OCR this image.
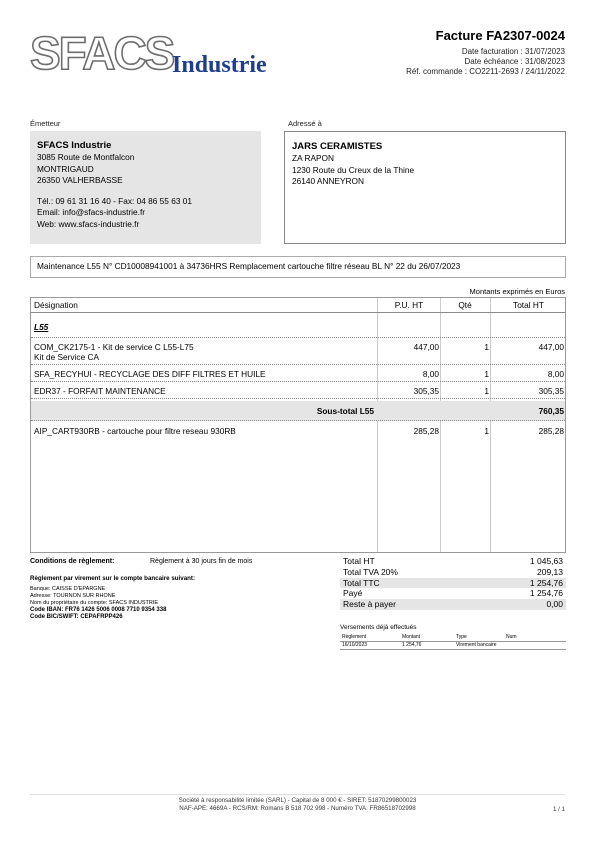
SFACS
Industrie
Facture FA2307-0024
Date facturation : 31/07/2023
Date échéance : 31/08/2023
Réf. commande : CO2211-2693 / 24/11/2022
Émetteur	Adressé à
SFACS Industrie
3085 Route de Montfalcon
MONTRIGAUD
26350 VALHERBASSE
Tél.: 09 61 31 16 40 - Fax: 04 86 55 63 01
Email: info@sfacs-industrie.fr
Web: www.sfacs-industrie.fr
JARS CERAMISTES
ZA RAPON
1230 Route du Creux de la Thine
26140 ANNEYRON
Maintenance L55 N° CD10008941001 à 34736HRS Remplacement cartouche filtre réseau BL N° 22 du 26/07/2023
Montants exprimés en Euros
Désignation	P.U. HT	Qté	Total HT
L55
COM_CK2175-1 - Kit de service C L55-L75
Kit de Service CA
447,00	1	447,00
SFA_RECYHUI - RECYCLAGE DES DIFF FILTRES ET HUILE	8,00	1	8,00
EDR37 - FORFAIT MAINTENANCE	305,35	1	305,35
Sous-total L55	760,35
AIP_CART930RB - cartouche pour filtre reseau 930RB	285,28	1	285,28
Conditions de règlement:	Règlement à 30 jours fin de mois
Règlement par virement sur le compte bancaire suivant:
Banque: CAISSE D'EPARGNE
Adresse: TOURNON SUR RHONE
Nom du propriétaire du compte: SFACS INDUSTRIE
Code IBAN: FR76 1426 5006 0008 7710 9354 338
Code BIC/SWIFT: CEPAFRPP426
Total HT	1 045,63
Total TVA 20%	209,13
Total TTC	1 254,76
Payé	1 254,76
Reste à payer	0,00
Versements déjà effectués
Règlement	Montant	Type	Num
16/10/2023	1 254,76	Virement bancaire
Société à responsabilité limitée (SARL) - Capital de 8 000 € - SIRET: 51870299800023
NAF-APE: 4669A - RCS/RM: Romans B 518 702 998 - Numéro TVA: FR86518702998	1 / 1
